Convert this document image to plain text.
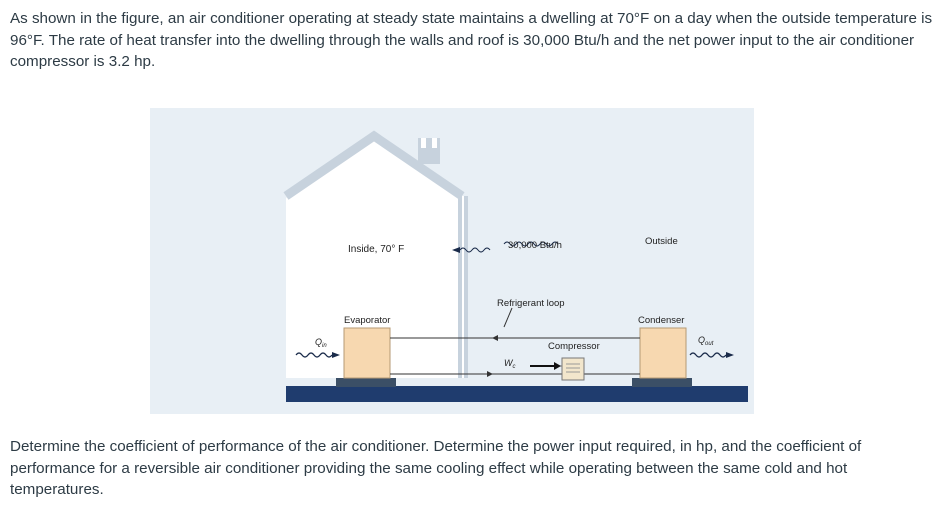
As shown in the figure, an air conditioner operating at steady state maintains a dwelling at 70°F on a day when the outside temperature is 96°F. The rate of heat transfer into the dwelling through the walls and roof is 30,000 Btu/h and the net power input to the air conditioner compressor is 3.2 hp.

Inside, 70° F	30,000 Btu/h	Outside
Refrigerant loop
Evaporator	Condenser
Compressor
$Q_{in}$
$Q_{out}$
$W_c$

Determine the coefficient of performance of the air conditioner. Determine the power input required, in hp, and the coefficient of performance for a reversible air conditioner providing the same cooling effect while operating between the same cold and hot temperatures.
